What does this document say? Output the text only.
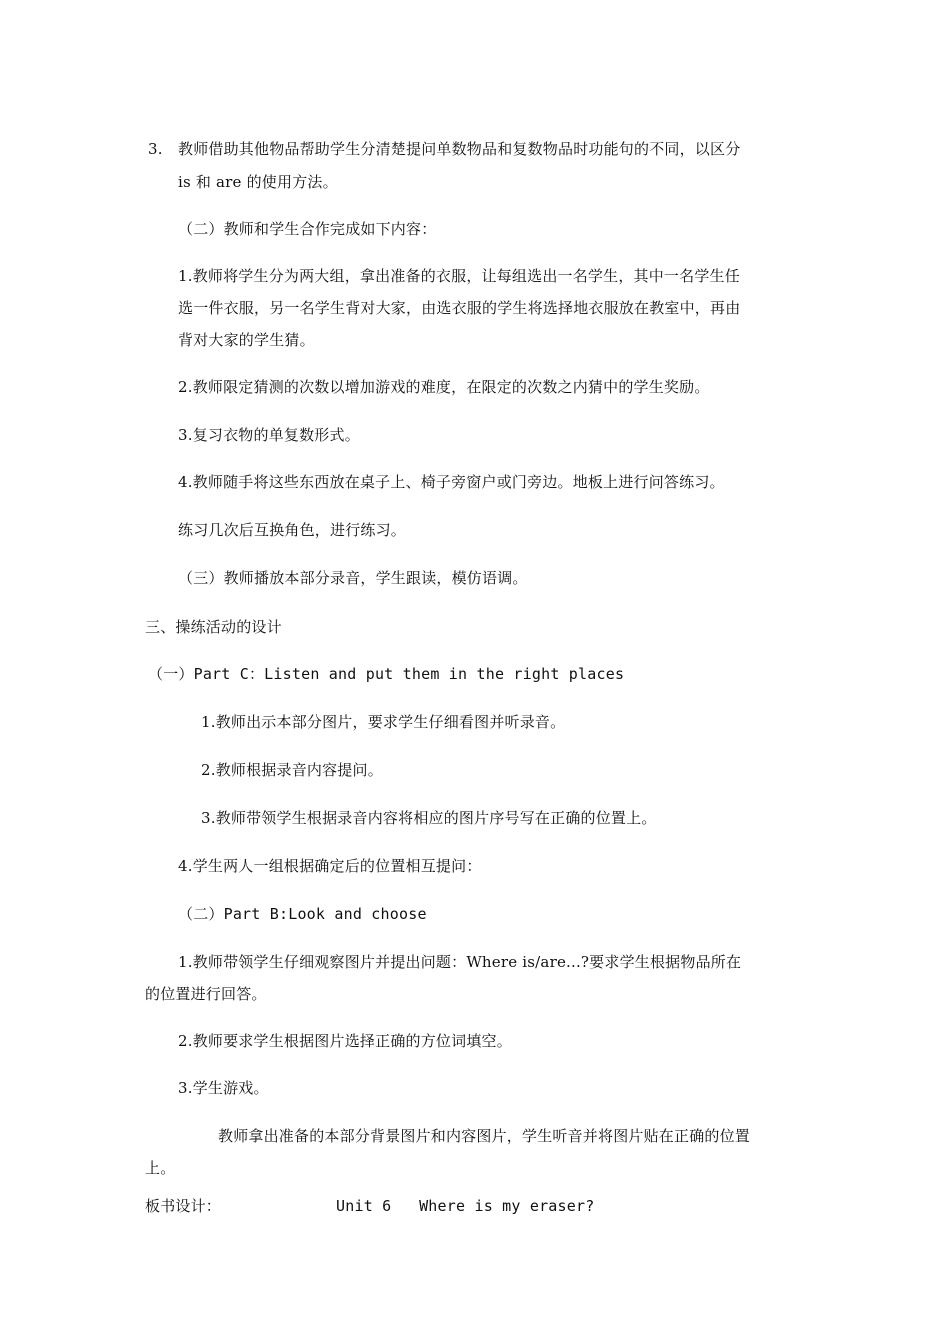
3. 教师借助其他物品帮助学生分清楚提问单数物品和复数物品时功能句的不同，以区分
is 和 are 的使用方法。
（二）教师和学生合作完成如下内容：
1.教师将学生分为两大组，拿出准备的衣服，让每组选出一名学生，其中一名学生任
选一件衣服，另一名学生背对大家，由选衣服的学生将选择地衣服放在教室中，再由
背对大家的学生猜。
2.教师限定猜测的次数以增加游戏的难度，在限定的次数之内猜中的学生奖励。
3.复习衣物的单复数形式。
4.教师随手将这些东西放在桌子上、椅子旁窗户或门旁边。地板上进行问答练习。
练习几次后互换角色，进行练习。
（三）教师播放本部分录音，学生跟读，模仿语调。
三、操练活动的设计
（一）Part C：Listen and put them in the right places
1.教师出示本部分图片，要求学生仔细看图并听录音。
2.教师根据录音内容提问。
3.教师带领学生根据录音内容将相应的图片序号写在正确的位置上。
4.学生两人一组根据确定后的位置相互提问：
（二）Part B:Look and choose
1.教师带领学生仔细观察图片并提出问题：Where is/are...?要求学生根据物品所在
的位置进行回答。
2.教师要求学生根据图片选择正确的方位词填空。
3.学生游戏。
教师拿出准备的本部分背景图片和内容图片，学生听音并将图片贴在正确的位置
上。
板书设计：	Unit 6   Where is my eraser?
